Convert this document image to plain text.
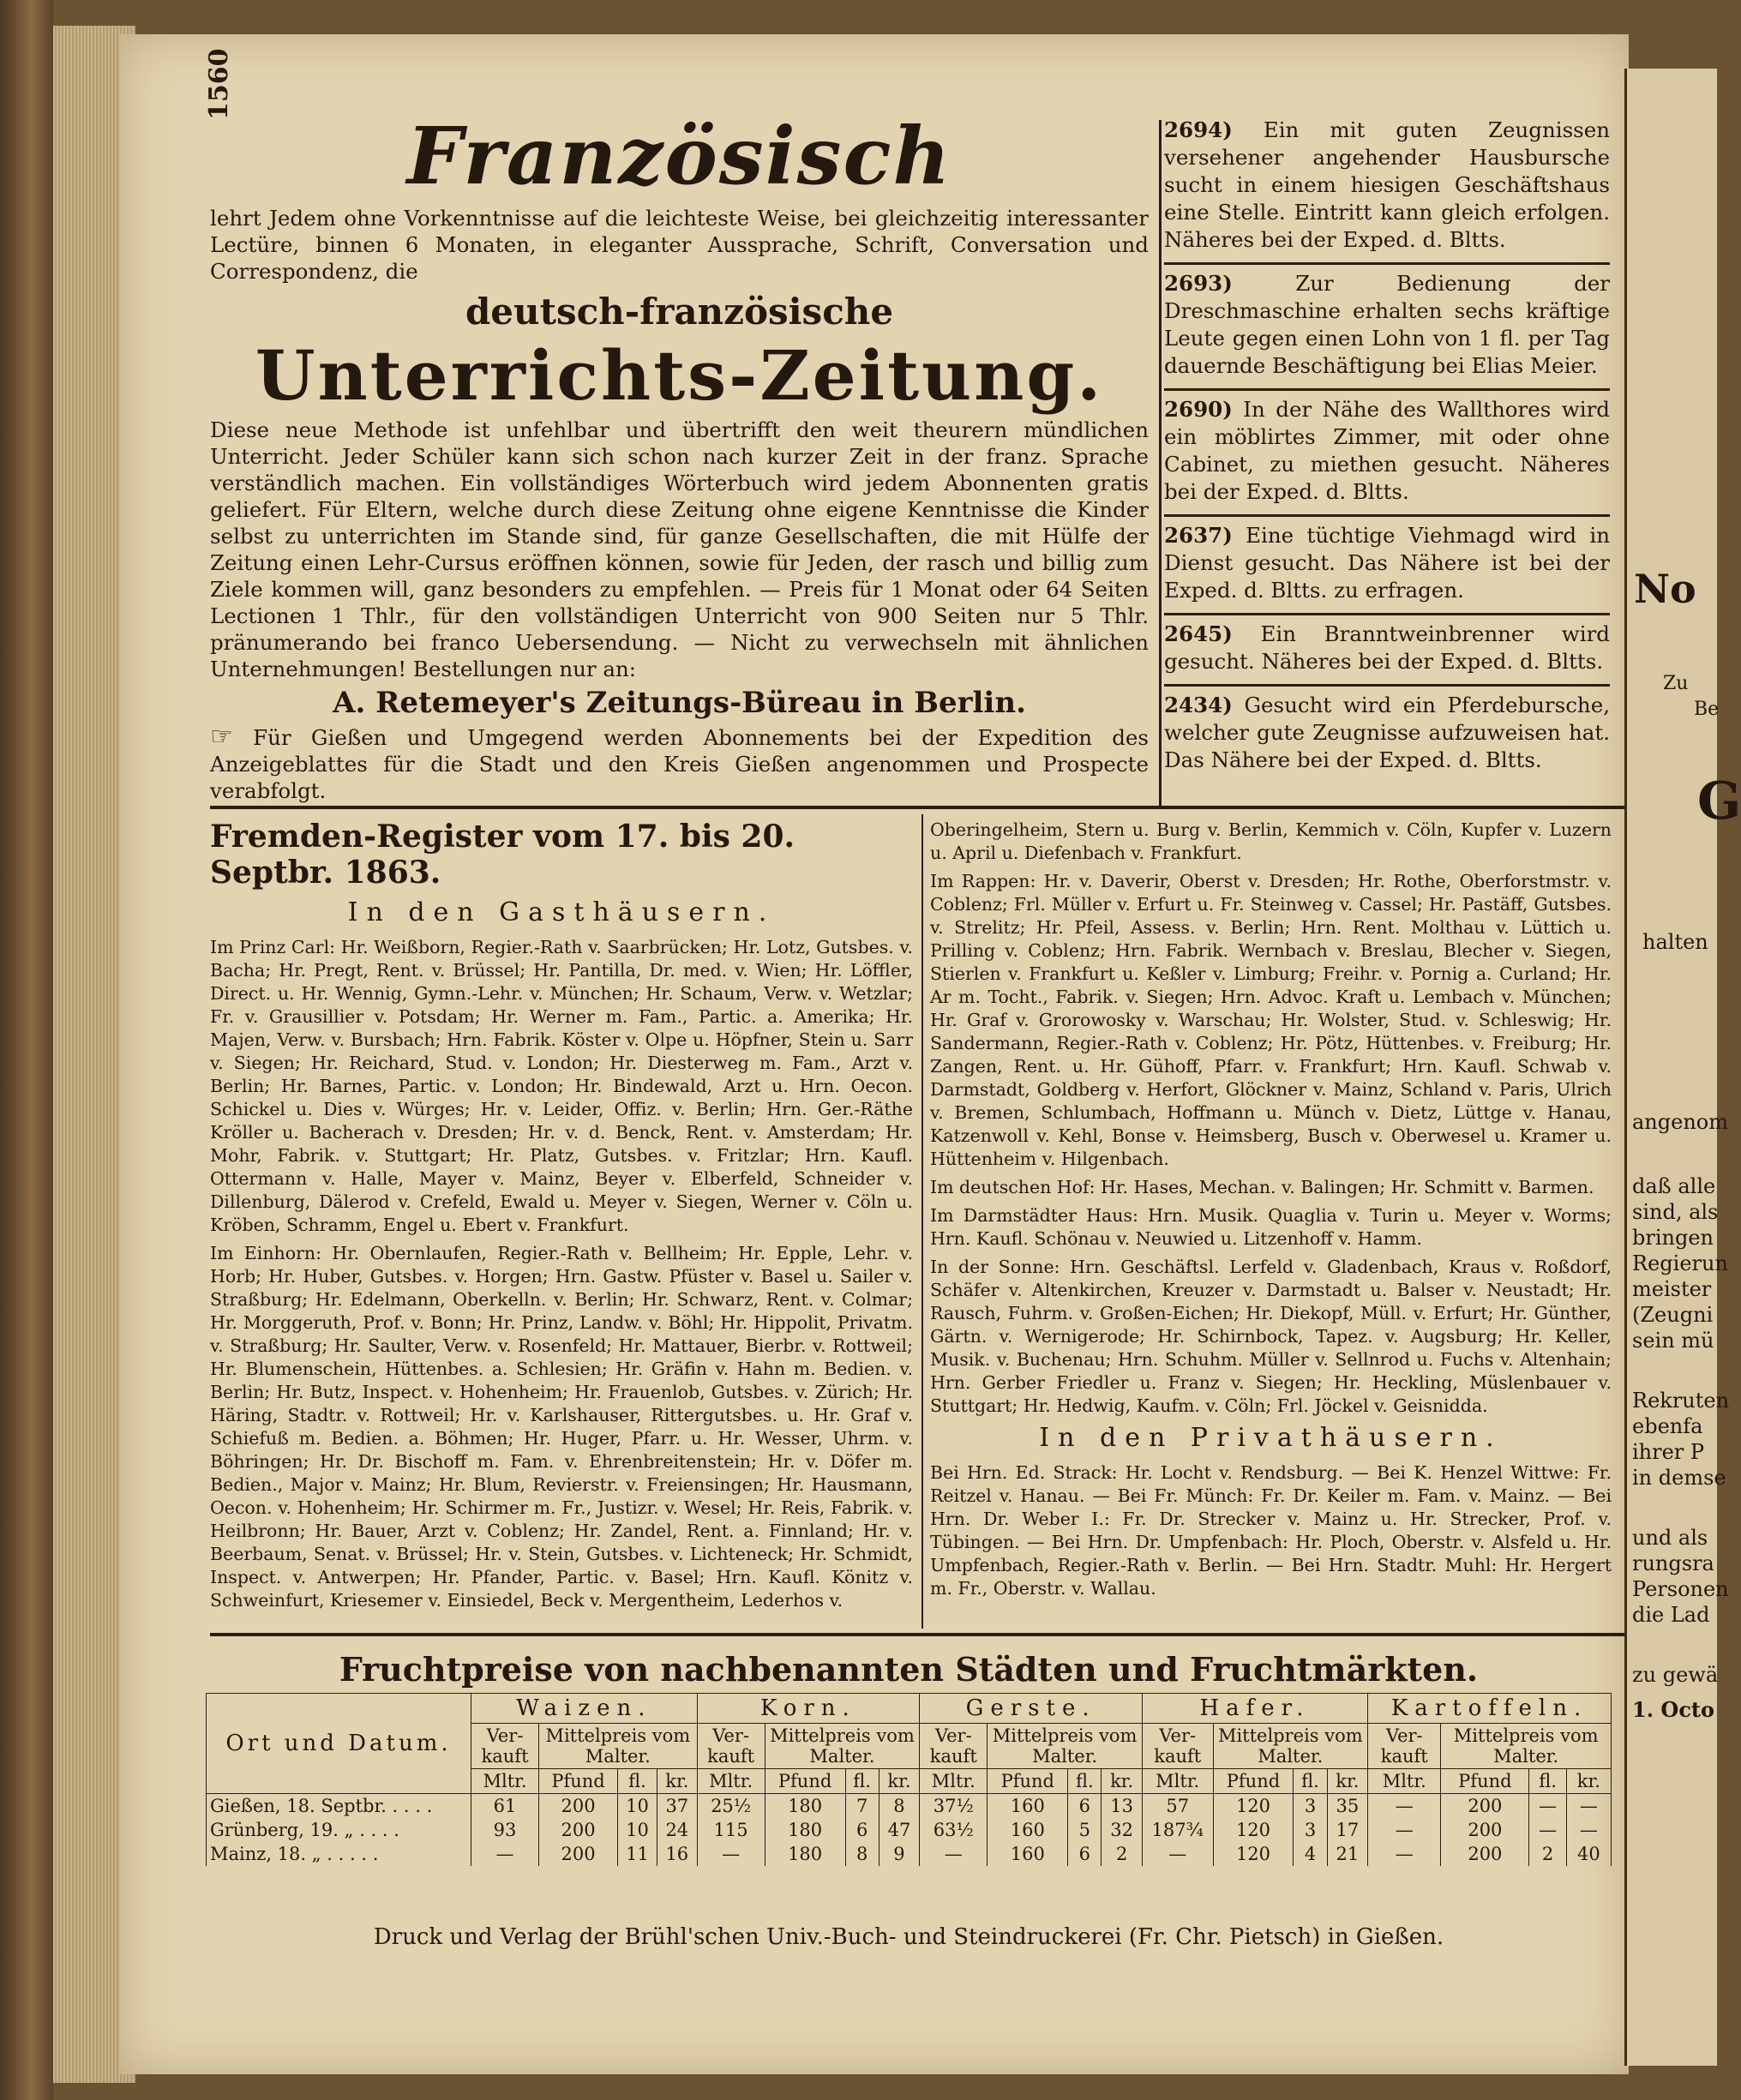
1560
Französisch

lehrt Jedem ohne Vorkenntnisse auf die leichteste Weise, bei gleichzeitig interessanter Lectüre, binnen 6 Monaten, in eleganter Aussprache, Schrift, Conversation und Correspondenz, die

deutsch-französische
Unterrichts-Zeitung.

Diese neue Methode ist unfehlbar und übertrifft den weit theurern mündlichen Unterricht. Jeder Schüler kann sich schon nach kurzer Zeit in der franz. Sprache verständlich machen. Ein vollständiges Wörterbuch wird jedem Abonnenten gratis geliefert. Für Eltern, welche durch diese Zeitung ohne eigene Kenntnisse die Kinder selbst zu unterrichten im Stande sind, für ganze Gesellschaften, die mit Hülfe der Zeitung einen Lehr-Cursus eröffnen können, sowie für Jeden, der rasch und billig zum Ziele kommen will, ganz besonders zu empfehlen. — Preis für 1 Monat oder 64 Seiten Lectionen 1 Thlr., für den vollständigen Unterricht von 900 Seiten nur 5 Thlr. pränumerando bei franco Uebersendung. — Nicht zu verwechseln mit ähnlichen Unternehmungen! Bestellungen nur an:

A. Retemeyer's Zeitungs-Büreau in Berlin.

☞ Für Gießen und Umgegend werden Abonnements bei der Expedition des Anzeigeblattes für die Stadt und den Kreis Gießen angenommen und Prospecte verabfolgt.

2694) Ein mit guten Zeugnissen versehener angehender Hausbursche sucht in einem hiesigen Geschäftshaus eine Stelle. Eintritt kann gleich erfolgen. Näheres bei der Exped. d. Bltts.
2693)	Zur Bedienung der Dreschmaschine erhalten sechs kräftige Leute gegen einen Lohn von 1 fl. per Tag dauernde Beschäftigung bei Elias Meier.
2690) In der Nähe des Wallthores wird ein möblirtes Zimmer, mit oder ohne Cabinet, zu miethen gesucht. Näheres bei der Exped. d. Bltts.
2637) Eine tüchtige Viehmagd wird in Dienst gesucht. Das Nähere ist bei der Exped. d. Bltts. zu erfragen.
2645) Ein Branntweinbrenner wird gesucht. Näheres bei der Exped. d. Bltts.
2434) Gesucht wird ein Pferdebursche, welcher gute Zeugnisse aufzuweisen hat. Das Nähere bei der Exped. d. Bltts.
Fremden-Register vom 17. bis 20. Septbr. 1863.
In den Gasthäusern.

Im Prinz Carl: Hr. Weißborn, Regier.-Rath v. Saarbrücken; Hr. Lotz, Gutsbes. v. Bacha; Hr. Pregt, Rent. v. Brüssel; Hr. Pantilla, Dr. med. v. Wien; Hr. Löffler, Direct. u. Hr. Wennig, Gymn.-Lehr. v. München; Hr. Schaum, Verw. v. Wetzlar; Fr. v. Grausillier v. Potsdam; Hr. Werner m. Fam., Partic. a. Amerika; Hr. Majen, Verw. v. Bursbach; Hrn. Fabrik. Köster v. Olpe u. Höpfner, Stein u. Sarr v. Siegen; Hr. Reichard, Stud. v. London; Hr. Diesterweg m. Fam., Arzt v. Berlin; Hr. Barnes, Partic. v. London; Hr. Bindewald, Arzt u. Hrn. Oecon. Schickel u. Dies v. Würges; Hr. v. Leider, Offiz. v. Berlin; Hrn. Ger.-Räthe Kröller u. Bacherach v. Dresden; Hr. v. d. Benck, Rent. v. Amsterdam; Hr. Mohr, Fabrik. v. Stuttgart; Hr. Platz, Gutsbes. v. Fritzlar; Hrn. Kaufl. Ottermann v. Halle, Mayer v. Mainz, Beyer v. Elberfeld, Schneider v. Dillenburg, Dälerod v. Crefeld, Ewald u. Meyer v. Siegen, Werner v. Cöln u. Kröben, Schramm, Engel u. Ebert v. Frankfurt.

Im Einhorn: Hr. Obernlaufen, Regier.-Rath v. Bellheim; Hr. Epple, Lehr. v. Horb; Hr. Huber, Gutsbes. v. Horgen; Hrn. Gastw. Pfüster v. Basel u. Sailer v. Straßburg; Hr. Edelmann, Oberkelln. v. Berlin; Hr. Schwarz, Rent. v. Colmar; Hr. Morggeruth, Prof. v. Bonn; Hr. Prinz, Landw. v. Böhl; Hr. Hippolit, Privatm. v. Straßburg; Hr. Saulter, Verw. v. Rosenfeld; Hr. Mattauer, Bierbr. v. Rottweil; Hr. Blumenschein, Hüttenbes. a. Schlesien; Hr. Gräfin v. Hahn m. Bedien. v. Berlin; Hr. Butz, Inspect. v. Hohenheim; Hr. Frauenlob, Gutsbes. v. Zürich; Hr. Häring, Stadtr. v. Rottweil; Hr. v. Karlshauser, Rittergutsbes. u. Hr. Graf v. Schiefuß m. Bedien. a. Böhmen; Hr. Huger, Pfarr. u. Hr. Wesser, Uhrm. v. Böhringen; Hr. Dr. Bischoff m. Fam. v. Ehrenbreitenstein; Hr. v. Döfer m. Bedien., Major v. Mainz; Hr. Blum, Revierstr. v. Freiensingen; Hr. Hausmann, Oecon. v. Hohenheim; Hr. Schirmer m. Fr., Justizr. v. Wesel; Hr. Reis, Fabrik. v. Heilbronn; Hr. Bauer, Arzt v. Coblenz; Hr. Zandel, Rent. a. Finnland; Hr. v. Beerbaum, Senat. v. Brüssel; Hr. v. Stein, Gutsbes. v. Lichteneck; Hr. Schmidt, Inspect. v. Antwerpen; Hr. Pfander, Partic. v. Basel; Hrn. Kaufl. Könitz v. Schweinfurt, Kriesemer v. Einsiedel, Beck v. Mergentheim, Lederhos v.

Oberingelheim, Stern u. Burg v. Berlin, Kemmich v. Cöln, Kupfer v. Luzern u. April u. Diefenbach v. Frankfurt.

Im Rappen: Hr. v. Daverir, Oberst v. Dresden; Hr. Rothe, Oberforstmstr. v. Coblenz; Frl. Müller v. Erfurt u. Fr. Steinweg v. Cassel; Hr. Pastäff, Gutsbes. v. Strelitz; Hr. Pfeil, Assess. v. Berlin; Hrn. Rent. Molthau v. Lüttich u. Prilling v. Coblenz; Hrn. Fabrik. Wernbach v. Breslau, Blecher v. Siegen, Stierlen v. Frankfurt u. Keßler v. Limburg; Freihr. v. Pornig a. Curland; Hr. Ar m. Tocht., Fabrik. v. Siegen; Hrn. Advoc. Kraft u. Lembach v. München; Hr. Graf v. Grorowosky v. Warschau; Hr. Wolster, Stud. v. Schleswig; Hr. Sandermann, Regier.-Rath v. Coblenz; Hr. Pötz, Hüttenbes. v. Freiburg; Hr. Zangen, Rent. u. Hr. Gühoff, Pfarr. v. Frankfurt; Hrn. Kaufl. Schwab v. Darmstadt, Goldberg v. Herfort, Glöckner v. Mainz, Schland v. Paris, Ulrich v. Bremen, Schlumbach, Hoffmann u. Münch v. Dietz, Lüttge v. Hanau, Katzenwoll v. Kehl, Bonse v. Heimsberg, Busch v. Oberwesel u. Kramer u. Hüttenheim v. Hilgenbach.

Im deutschen Hof: Hr. Hases, Mechan. v. Balingen; Hr. Schmitt v. Barmen.

Im Darmstädter Haus: Hrn. Musik. Quaglia v. Turin u. Meyer v. Worms; Hrn. Kaufl. Schönau v. Neuwied u. Litzenhoff v. Hamm.

In der Sonne: Hrn. Geschäftsl. Lerfeld v. Gladenbach, Kraus v. Roßdorf, Schäfer v. Altenkirchen, Kreuzer v. Darmstadt u. Balser v. Neustadt; Hr. Rausch, Fuhrm. v. Großen-Eichen; Hr. Diekopf, Müll. v. Erfurt; Hr. Günther, Gärtn. v. Wernigerode; Hr. Schirnbock, Tapez. v. Augsburg; Hr. Keller, Musik. v. Buchenau; Hrn. Schuhm. Müller v. Sellnrod u. Fuchs v. Altenhain; Hrn. Gerber Friedler u. Franz v. Siegen; Hr. Heckling, Müslenbauer v. Stuttgart; Hr. Hedwig, Kaufm. v. Cöln; Frl. Jöckel v. Geisnidda.

In den Privathäusern.

Bei Hrn. Ed. Strack: Hr. Locht v. Rendsburg. — Bei K. Henzel Wittwe: Fr. Reitzel v. Hanau. — Bei Fr. Münch: Fr. Dr. Keiler m. Fam. v. Mainz. — Bei Hrn. Dr. Weber I.: Fr. Dr. Strecker v. Mainz u. Hr. Strecker, Prof. v. Tübingen. — Bei Hrn. Dr. Umpfenbach: Hr. Ploch, Oberstr. v. Alsfeld u. Hr. Umpfenbach, Regier.-Rath v. Berlin. — Bei Hrn. Stadtr. Muhl: Hr. Hergert m. Fr., Oberstr. v. Wallau.

Fruchtpreise von nachbenannten Städten und Fruchtmärkten.
Ort und Datum.	Waizen.				Korn.				Gerste.				Hafer.				Kartoffeln.			
	Ver-kauft	Mittelpreis vom Malter.			Ver-kauft	Mittelpreis vom Malter.			Ver-kauft	Mittelpreis vom Malter.			Ver-kauft	Mittelpreis vom Malter.			Ver-kauft	Mittelpreis vom Malter.		
	Mltr.	Pfund	fl.	kr.	Mltr.	Pfund	fl.	kr.	Mltr.	Pfund	fl.	kr.	Mltr.	Pfund	fl.	kr.	Mltr.	Pfund	fl.	kr.
Gießen, 18. Septbr. . . . .	61	200	10	37	25½	180	7	8	37½	160	6	13	57	120	3	35	—	200	—	—
Grünberg, 19. „ . . . .	93	200	10	24	115	180	6	47	63½	160	5	32	187¾	120	3	17	—	200	—	—
Mainz, 18. „ . . . . .	—	200	11	16	—	180	8	9	—	160	6	2	—	120	4	21	—	200	2	40
Druck und Verlag der Brühl'schen Univ.-Buch- und Steindruckerei (Fr. Chr. Pietsch) in Gießen.
No
Zu
Be
G
halten
angenom
daß alle
sind, als
bringen
Regierun
meister
(Zeugni
sein mü
Rekruten
ebenfa
ihrer P
in demse
und als
rungsra
Personen
die Lad
zu gewä
1. Octo
